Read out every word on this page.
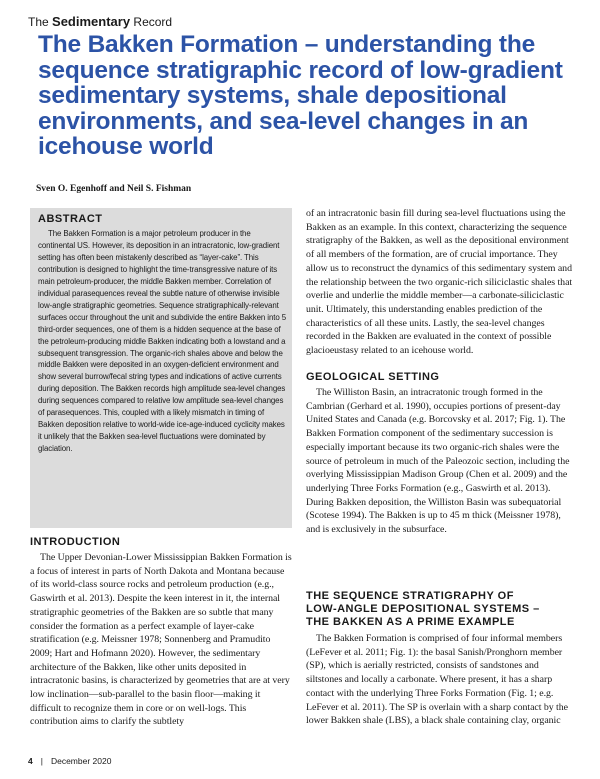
The Sedimentary Record
The Bakken Formation – understanding the sequence stratigraphic record of low-gradient sedimentary systems, shale depositional environments, and sea-level changes in an icehouse world
Sven O. Egenhoff and Neil S. Fishman
ABSTRACT

The Bakken Formation is a major petroleum producer in the continental US. However, its deposition in an intracratonic, low-gradient setting has often been mistakenly described as “layer-cake”. This contribution is designed to highlight the time-transgressive nature of its main petroleum-producer, the middle Bakken member. Correlation of individual parasequences reveal the subtle nature of otherwise invisible low-angle stratigraphic geometries. Sequence stratigraphically-relevant surfaces occur throughout the unit and subdivide the entire Bakken into 5 third-order sequences, one of them is a hidden sequence at the base of the petroleum-producing middle Bakken indicating both a lowstand and a subsequent transgression. The organic-rich shales above and below the middle Bakken were deposited in an oxygen-deficient environment and show several burrow/fecal string types and indications of active currents during deposition. The Bakken records high amplitude sea-level changes during sequences compared to relative low amplitude sea-level changes of parasequences. This, coupled with a likely mismatch in timing of Bakken deposition relative to world-wide ice-age-induced cyclicity makes it unlikely that the Bakken sea-level fluctuations were dominated by glaciation.

INTRODUCTION

The Upper Devonian-Lower Mississippian Bakken Formation is a focus of interest in parts of North Dakota and Montana because of its world-class source rocks and petroleum production (e.g., Gaswirth et al. 2013). Despite the keen interest in it, the internal stratigraphic geometries of the Bakken are so subtle that many consider the formation as a perfect example of layer-cake stratification (e.g. Meissner 1978; Sonnenberg and Pramudito 2009; Hart and Hofmann 2020). However, the sedimentary architecture of the Bakken, like other units deposited in intracratonic basins, is characterized by geometries that are at very low inclination—sub-parallel to the basin floor—making it difficult to recognize them in core or on well-logs. This contribution aims to clarify the subtlety

of an intracratonic basin fill during sea-level fluctuations using the Bakken as an example. In this context, characterizing the sequence stratigraphy of the Bakken, as well as the depositional environment of all members of the formation, are of crucial importance. They allow us to reconstruct the dynamics of this sedimentary system and the relationship between the two organic-rich siliciclastic shales that overlie and underlie the middle member—a carbonate-siliciclastic unit. Ultimately, this understanding enables prediction of the characteristics of all these units. Lastly, the sea-level changes recorded in the Bakken are evaluated in the context of possible glacioeustasy related to an icehouse world.

GEOLOGICAL SETTING

The Williston Basin, an intracratonic trough formed in the Cambrian (Gerhard et al. 1990), occupies portions of present-day United States and Canada (e.g. Borcovsky et al. 2017; Fig. 1). The Bakken Formation component of the sedimentary succession is especially important because its two organic-rich shales were the source of petroleum in much of the Paleozoic section, including the overlying Mississippian Madison Group (Chen et al. 2009) and the underlying Three Forks Formation (e.g., Gaswirth et al. 2013). During Bakken deposition, the Williston Basin was subequatorial (Scotese 1994). The Bakken is up to 45 m thick (Meissner 1978), and is exclusively in the subsurface.

THE SEQUENCE STRATIGRAPHY OF
LOW-ANGLE DEPOSITIONAL SYSTEMS –
THE BAKKEN AS A PRIME EXAMPLE

The Bakken Formation is comprised of four informal members (LeFever et al. 2011; Fig. 1): the basal Sanish/Pronghorn member (SP), which is aerially restricted, consists of sandstones and siltstones and locally a carbonate. Where present, it has a sharp contact with the underlying Three Forks Formation (Fig. 1; e.g. LeFever et al. 2011). The SP is overlain with a sharp contact by the lower Bakken shale (LBS), a black shale containing clay, organic

4 | December 2020
